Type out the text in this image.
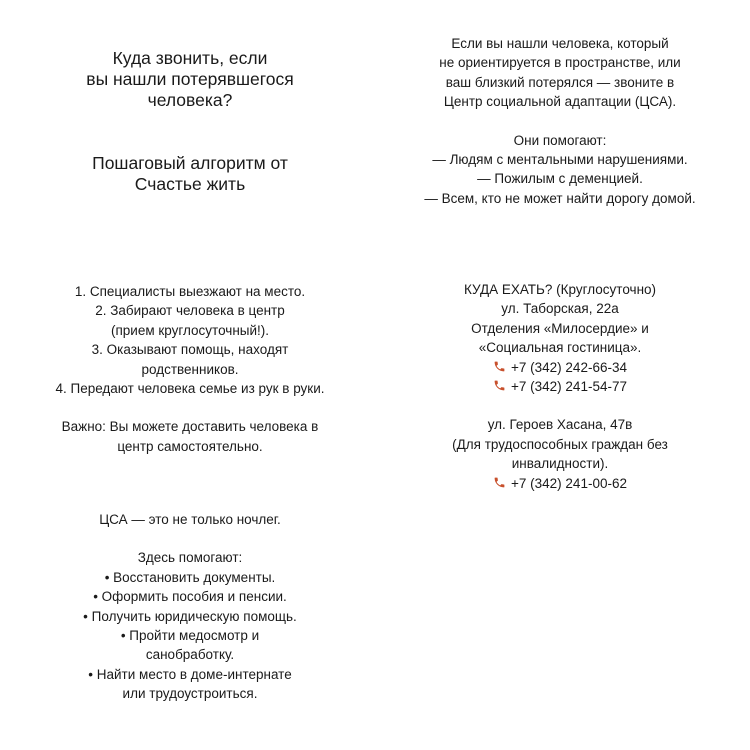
Куда звонить, если
вы нашли потерявшегося
человека?
Пошаговый алгоритм от
Счастье жить
Если вы нашли человека, который
не ориентируется в пространстве, или
ваш близкий потерялся — звоните в
Центр социальной адаптации (ЦСА).
Они помогают:
— Людям с ментальными нарушениями.
— Пожилым с деменцией.
— Всем, кто не может найти дорогу домой.
1. Специалисты выезжают на место.
2. Забирают человека в центр
(прием круглосуточный!).
3. Оказывают помощь, находят
родственников.
4. Передают человека семье из рук в руки.
Важно: Вы можете доставить человека в
центр самостоятельно.
КУДА ЕХАТЬ? (Круглосуточно)
ул. Таборская, 22а
Отделения «Милосердие» и
«Социальная гостиница».
+7 (342) 242-66-34
+7 (342) 241-54-77
ул. Героев Хасана, 47в
(Для трудоспособных граждан без
инвалидности).
+7 (342) 241-00-62
ЦСА — это не только ночлег.
Здесь помогают:
• Восстановить документы.
• Оформить пособия и пенсии.
• Получить юридическую помощь.
• Пройти медосмотр и
санобработку.
• Найти место в доме-интернате
или трудоустроиться.
